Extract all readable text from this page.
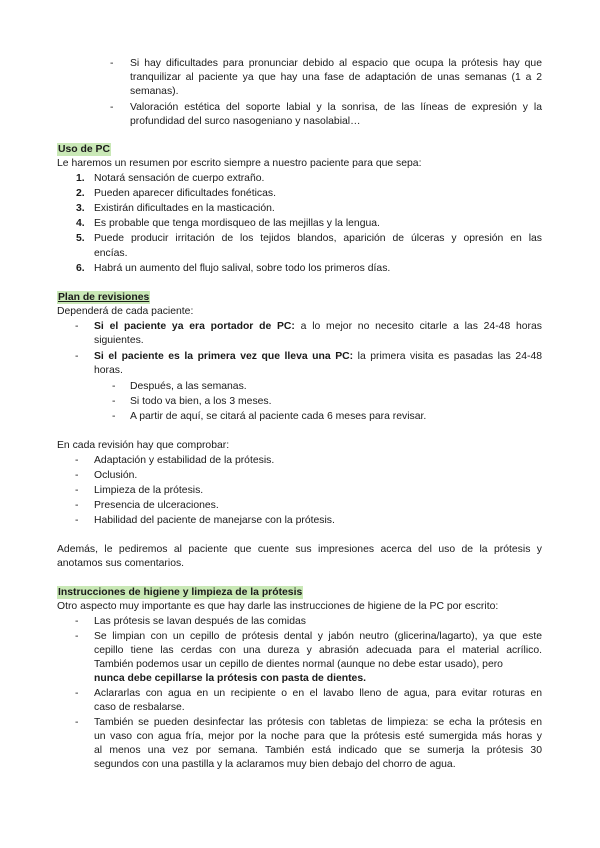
- Si hay dificultades para pronunciar debido al espacio que ocupa la prótesis hay que
tranquilizar al paciente ya que hay una fase de adaptación de unas semanas (1 a 2
semanas).
- Valoración estética del soporte labial y la sonrisa, de las líneas de expresión y la
profundidad del surco nasogeniano y nasolabial…
Uso de PC
Le haremos un resumen por escrito siempre a nuestro paciente para que sepa:
1. Notará sensación de cuerpo extraño.
2. Pueden aparecer dificultades fonéticas.
3. Existirán dificultades en la masticación.
4. Es probable que tenga mordisqueo de las mejillas y la lengua.
5. Puede producir irritación de los tejidos blandos, aparición de úlceras y opresión en las
encías.
6. Habrá un aumento del flujo salival, sobre todo los primeros días.
Plan de revisiones
Dependerá de cada paciente:
- Si el paciente ya era portador de PC: a lo mejor no necesito citarle a las 24-48 horas
siguientes.
- Si el paciente es la primera vez que lleva una PC: la primera visita es pasadas las 24-48
horas.
- Después, a las semanas.
- Si todo va bien, a los 3 meses.
- A partir de aquí, se citará al paciente cada 6 meses para revisar.
En cada revisión hay que comprobar:
- Adaptación y estabilidad de la prótesis.
- Oclusión.
- Limpieza de la prótesis.
- Presencia de ulceraciones.
- Habilidad del paciente de manejarse con la prótesis.
Además, le pediremos al paciente que cuente sus impresiones acerca del uso de la prótesis y
anotamos sus comentarios.
Instrucciones de higiene y limpieza de la prótesis
Otro aspecto muy importante es que hay darle las instrucciones de higiene de la PC por escrito:
- Las prótesis se lavan después de las comidas
- Se limpian con un cepillo de prótesis dental y jabón neutro (glicerina/lagarto), ya que este
cepillo tiene las cerdas con una dureza y abrasión adecuada para el material acrílico.
También podemos usar un cepillo de dientes normal (aunque no debe estar usado), pero
nunca debe cepillarse la prótesis con pasta de dientes.
- Aclararlas con agua en un recipiente o en el lavabo lleno de agua, para evitar roturas en
caso de resbalarse.
- También se pueden desinfectar las prótesis con tabletas de limpieza: se echa la prótesis en
un vaso con agua fría, mejor por la noche para que la prótesis esté sumergida más horas y
al menos una vez por semana. También está indicado que se sumerja la prótesis 30
segundos con una pastilla y la aclaramos muy bien debajo del chorro de agua.
